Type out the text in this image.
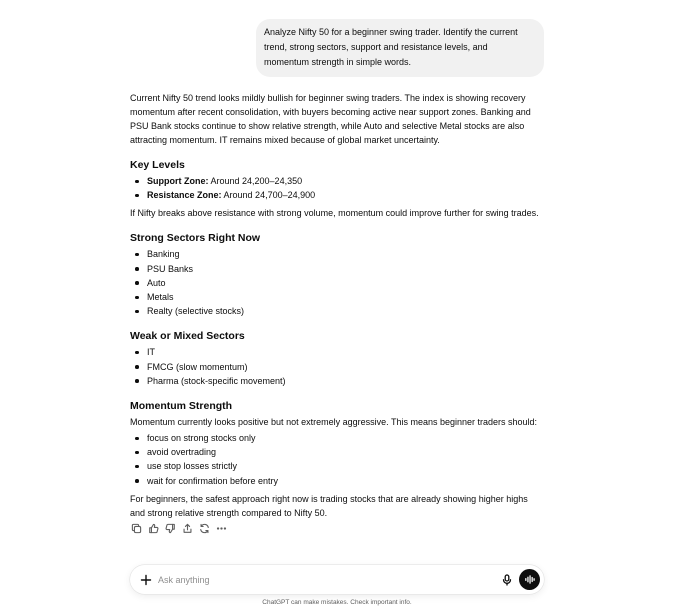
Analyze Nifty 50 for a beginner swing trader. Identify the current trend, strong sectors, support and resistance levels, and momentum strength in simple words.

Current Nifty 50 trend looks mildly bullish for beginner swing traders. The index is showing recovery momentum after recent consolidation, with buyers becoming active near support zones. Banking and PSU Bank stocks continue to show relative strength, while Auto and selective Metal stocks are also attracting momentum. IT remains mixed because of global market uncertainty.

Key Levels
Support Zone: Around 24,200–24,350
Resistance Zone: Around 24,700–24,900

If Nifty breaks above resistance with strong volume, momentum could improve further for swing trades.

Strong Sectors Right Now
Banking
PSU Banks
Auto
Metals
Realty (selective stocks)
Weak or Mixed Sectors
IT
FMCG (slow momentum)
Pharma (stock-specific movement)
Momentum Strength

Momentum currently looks positive but not extremely aggressive. This means beginner traders should:

focus on strong stocks only
avoid overtrading
use stop losses strictly
wait for confirmation before entry

For beginners, the safest approach right now is trading stocks that are already showing higher highs and strong relative strength compared to Nifty 50.

Ask anything
ChatGPT can make mistakes. Check important info.
